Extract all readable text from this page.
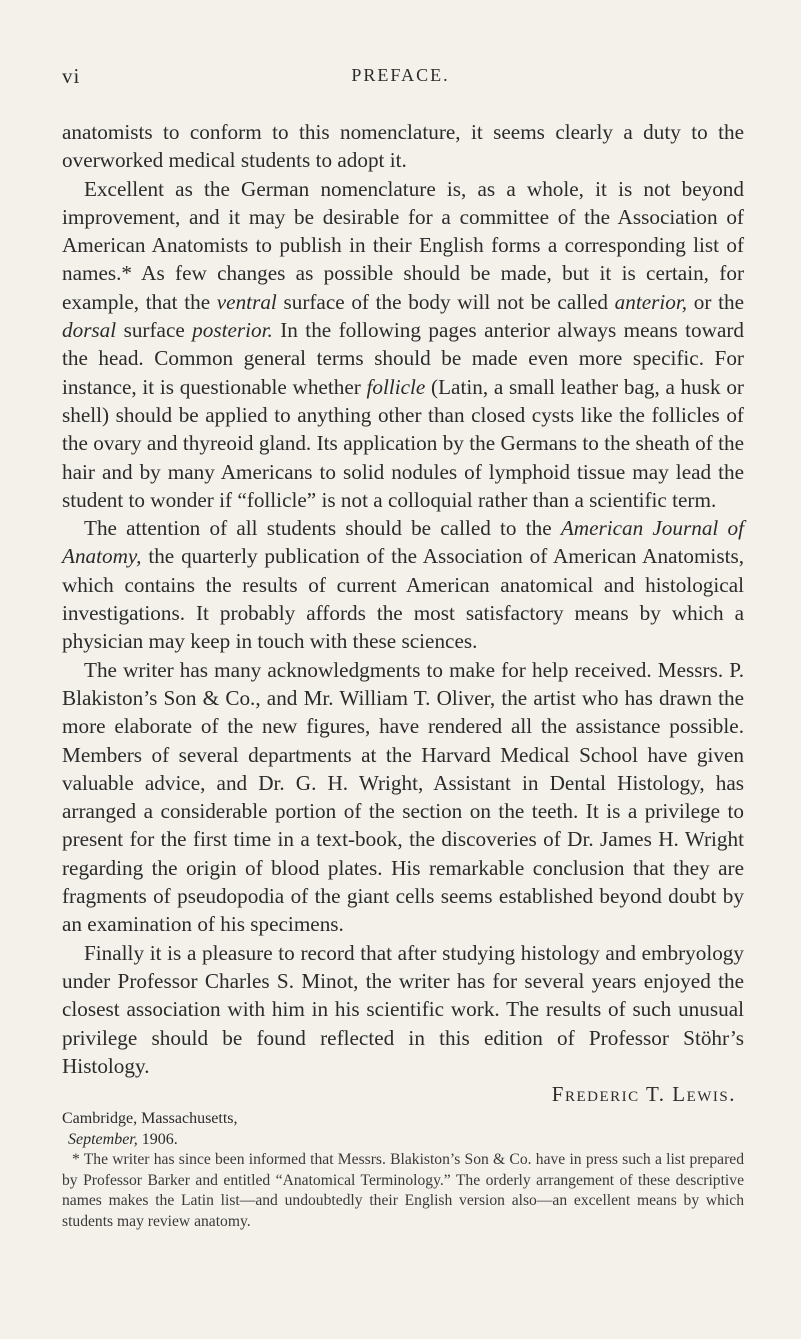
vi	PREFACE.

anatomists to conform to this nomenclature, it seems clearly a duty to the overworked medical students to adopt it.

Excellent as the German nomenclature is, as a whole, it is not beyond improvement, and it may be desirable for a committee of the Association of American Anatomists to publish in their English forms a corresponding list of names.* As few changes as possible should be made, but it is certain, for example, that the ventral surface of the body will not be called anterior, or the dorsal surface posterior. In the following pages anterior always means toward the head. Common general terms should be made even more specific. For instance, it is questionable whether follicle (Latin, a small leather bag, a husk or shell) should be applied to anything other than closed cysts like the follicles of the ovary and thyreoid gland. Its application by the Germans to the sheath of the hair and by many Americans to solid nodules of lymphoid tissue may lead the student to wonder if “follicle” is not a colloquial rather than a scientific term.

The attention of all students should be called to the American Journal of Anatomy, the quarterly publication of the Association of American Anatomists, which contains the results of current American anatomical and histological investigations. It probably affords the most satisfactory means by which a physician may keep in touch with these sciences.

The writer has many acknowledgments to make for help received. Messrs. P. Blakiston’s Son & Co., and Mr. William T. Oliver, the artist who has drawn the more elaborate of the new figures, have rendered all the assistance possible. Members of several departments at the Harvard Medical School have given valuable advice, and Dr. G. H. Wright, Assistant in Dental Histology, has arranged a considerable portion of the section on the teeth. It is a privilege to present for the first time in a text-book, the discoveries of Dr. James H. Wright regarding the origin of blood plates. His remarkable conclusion that they are fragments of pseudopodia of the giant cells seems established beyond doubt by an examination of his specimens.

Finally it is a pleasure to record that after studying histology and embryology under Professor Charles S. Minot, the writer has for several years enjoyed the closest association with him in his scientific work. The results of such unusual privilege should be found reflected in this edition of Professor Stöhr’s Histology.

Frederic T. Lewis.

Cambridge, Massachusetts,

September, 1906.

* The writer has since been informed that Messrs. Blakiston’s Son & Co. have in press such a list prepared by Professor Barker and entitled “Anatomical Terminology.” The orderly arrangement of these descriptive names makes the Latin list—and undoubtedly their English version also—an excellent means by which students may review anatomy.
